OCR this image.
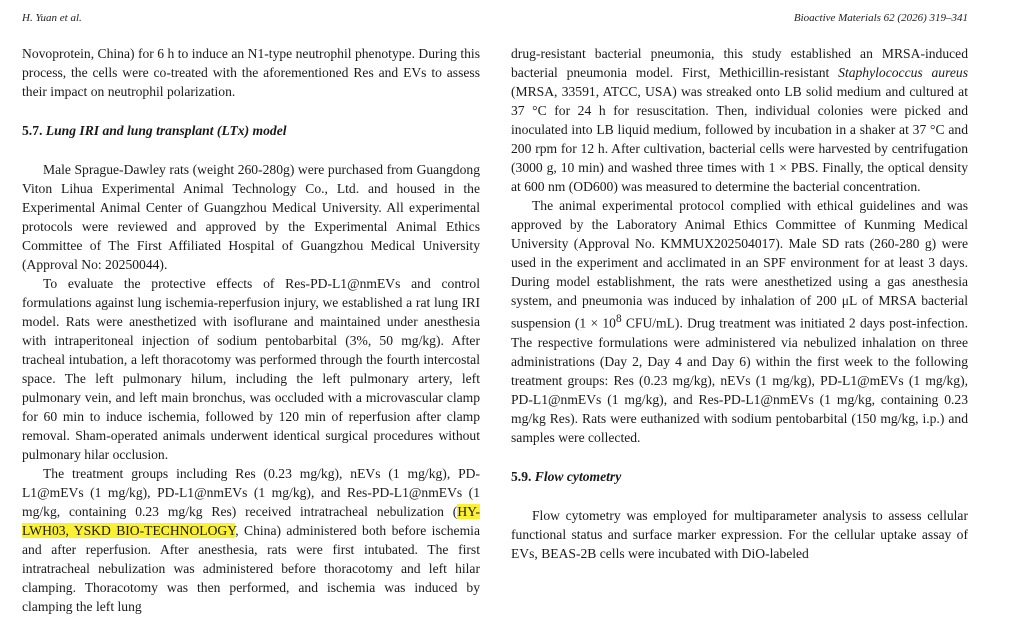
H. Yuan et al.	Bioactive Materials 62 (2026) 319–341

Novoprotein, China) for 6 h to induce an N1-type neutrophil phenotype. During this process, the cells were co-treated with the aforementioned Res and EVs to assess their impact on neutrophil polarization.

5.7. Lung IRI and lung transplant (LTx) model

Male Sprague-Dawley rats (weight 260-280g) were purchased from Guangdong Viton Lihua Experimental Animal Technology Co., Ltd. and housed in the Experimental Animal Center of Guangzhou Medical University. All experimental protocols were reviewed and approved by the Experimental Animal Ethics Committee of The First Affiliated Hospital of Guangzhou Medical University (Approval No: 20250044).

To evaluate the protective effects of Res-PD-L1@nmEVs and control formulations against lung ischemia-reperfusion injury, we established a rat lung IRI model. Rats were anesthetized with isoflurane and maintained under anesthesia with intraperitoneal injection of sodium pentobarbital (3%, 50 mg/kg). After tracheal intubation, a left thoracotomy was performed through the fourth intercostal space. The left pulmonary hilum, including the left pulmonary artery, left pulmonary vein, and left main bronchus, was occluded with a microvascular clamp for 60 min to induce ischemia, followed by 120 min of reperfusion after clamp removal. Sham-operated animals underwent identical surgical procedures without pulmonary hilar occlusion.

The treatment groups including Res (0.23 mg/kg), nEVs (1 mg/kg), PD-L1@mEVs (1 mg/kg), PD-L1@nmEVs (1 mg/kg), and Res-PD-L1@nmEVs (1 mg/kg, containing 0.23 mg/kg Res) received intratracheal nebulization (HY-LWH03, YSKD BIO-TECHNOLOGY, China) administered both before ischemia and after reperfusion. After anesthesia, rats were first intubated. The first intratracheal nebulization was administered before thoracotomy and left hilar clamping. Thoracotomy was then performed, and ischemia was induced by clamping the left lung

drug-resistant bacterial pneumonia, this study established an MRSA-induced bacterial pneumonia model. First, Methicillin-resistant Staphylococcus aureus (MRSA, 33591, ATCC, USA) was streaked onto LB solid medium and cultured at 37 °C for 24 h for resuscitation. Then, individual colonies were picked and inoculated into LB liquid medium, followed by incubation in a shaker at 37 °C and 200 rpm for 12 h. After cultivation, bacterial cells were harvested by centrifugation (3000 g, 10 min) and washed three times with 1 × PBS. Finally, the optical density at 600 nm (OD600) was measured to determine the bacterial concentration.

The animal experimental protocol complied with ethical guidelines and was approved by the Laboratory Animal Ethics Committee of Kunming Medical University (Approval No. KMMUX202504017). Male SD rats (260-280 g) were used in the experiment and acclimated in an SPF environment for at least 3 days. During model establishment, the rats were anesthetized using a gas anesthesia system, and pneumonia was induced by inhalation of 200 μL of MRSA bacterial suspension ($1 \times 10^8$ CFU/mL). Drug treatment was initiated 2 days post-infection. The respective formulations were administered via nebulized inhalation on three administrations (Day 2, Day 4 and Day 6) within the first week to the following treatment groups: Res (0.23 mg/kg), nEVs (1 mg/kg), PD-L1@mEVs (1 mg/kg), PD-L1@nmEVs (1 mg/kg), and Res-PD-L1@nmEVs (1 mg/kg, containing 0.23 mg/kg Res). Rats were euthanized with sodium pentobarbital (150 mg/kg, i.p.) and samples were collected.

5.9. Flow cytometry

Flow cytometry was employed for multiparameter analysis to assess cellular functional status and surface marker expression. For the cellular uptake assay of EVs, BEAS-2B cells were incubated with DiO-labeled
